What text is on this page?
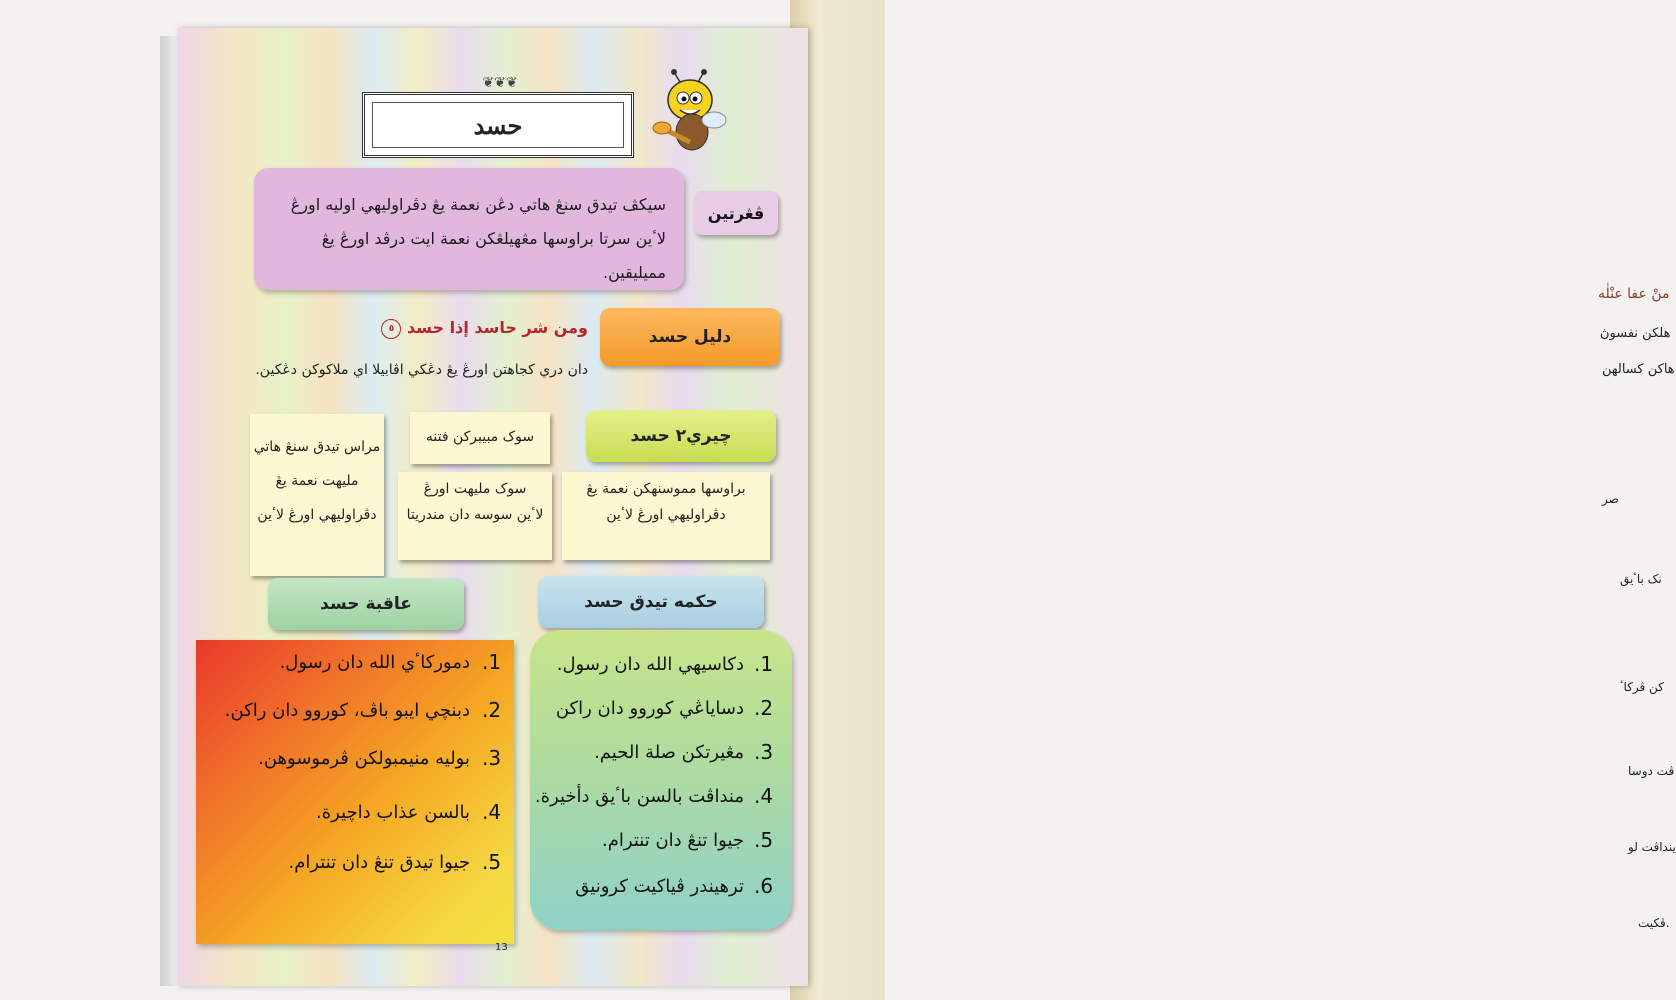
منْ عفا عنْلٰه
هلکن نفسوڽ
هاکن کسالهن
صر
نک باٴيق
کن ڤرکاٴ
ڤت دوسا
ينداڤت لو
ڤکيت.
❦❦❦
حسد
سيکڤ تيدق سنڠ هاتي دڠن نعمة يڠ دڤراوليهي اوليه اورڠ
لاٴين سرتا براوسها مڠهيلڠکن نعمة ايت درڤد اورڠ يڠ مميليقين.
ڤڠرتين
دليل حسد
ومن شر حاسد إذا حسد ٥
دان دري کجاهتن اورڠ يڠ دڠکي اڤابيلا اي ملاکوکن دڠکين.
چيري٢ حسد
براوسها مموسنهکن نعمة يڠ
دڤراوليهي اورڠ لاٴين
سوک مبيبرکن فتنه
سوک مليهت اورڠ
لاٴين سوسه دان مندريتا
مراس تيدق سنڠ هاتي
مليهت نعمة يڠ
دڤراوليهي اورڠ لاٴين
حکمه تيدق حسد
عاقبة حسد
.1
دکاسيهي الله دان رسول.
.2
دساياڠي کوروو دان راکن
.3
مڠيرتکن صلة الحيم.
.4
منداڤت بالسن باٴيق دأخيرة.
.5
جيوا تنڠ دان تنترام.
.6
ترهيندر ڤياکيت کرونيق
.1
دموركاٴي الله دان رسول.
.2
دبنچي ايبو باڤ، کوروو دان راکن.
.3
بوليه منيمبولکن ڤرموسوهن.
.4
بالسن عذاب داچيرة.
.5
جيوا تيدق تنڠ دان تنترام.
13
